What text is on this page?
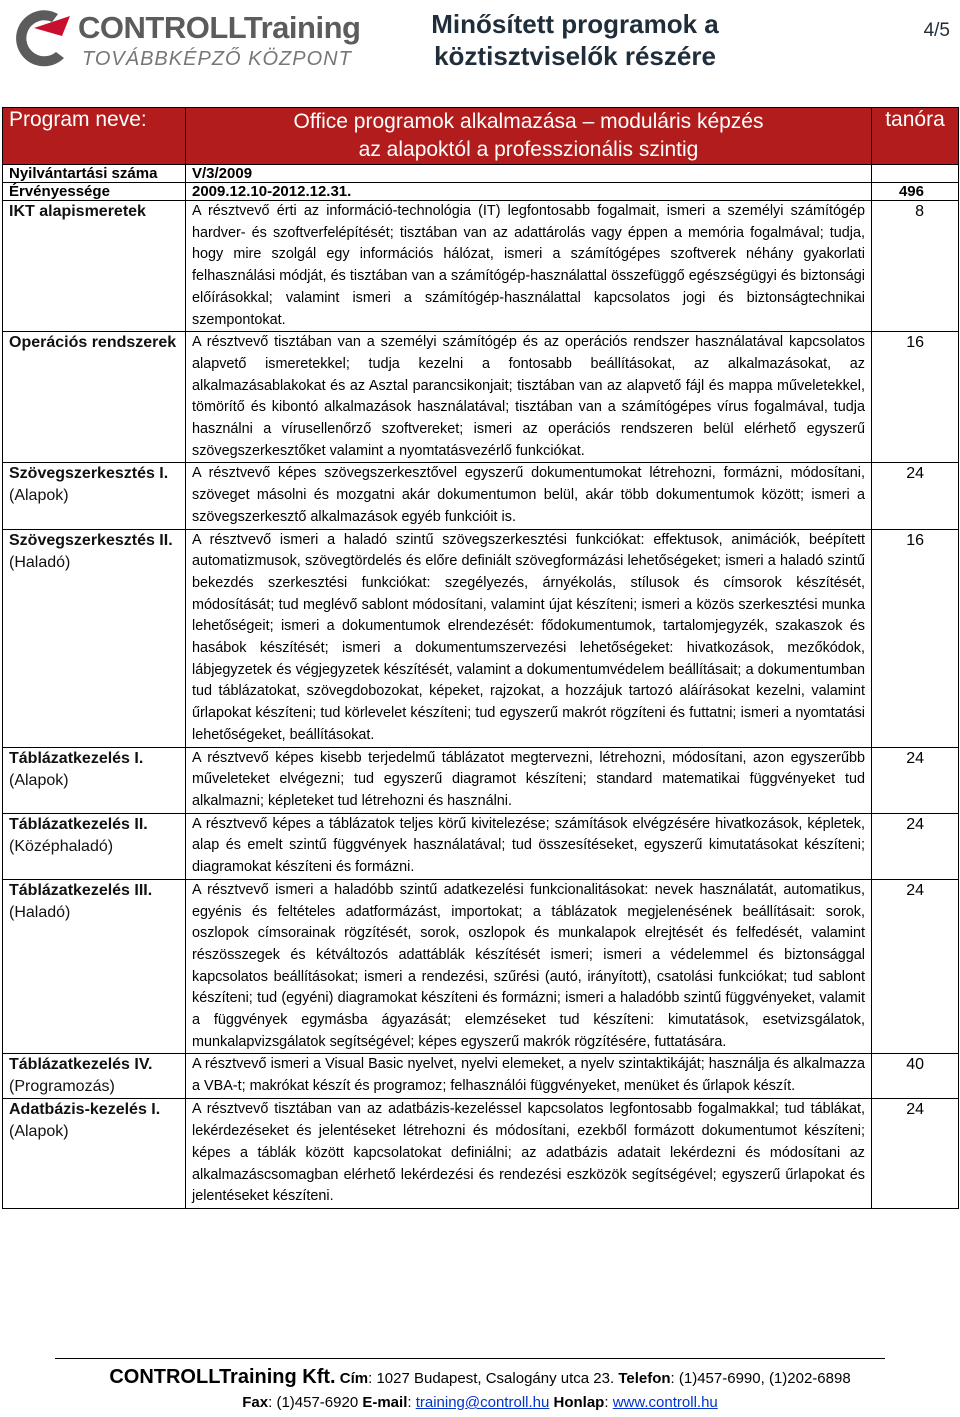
CONTROLLTraining
TOVÁBBKÉPZŐ KÖZPONT
Minősített programok a
köztisztviselők részére
4/5
Program neve:	Office programok alkalmazása – moduláris képzés
az alapoktól a professzionális szintig	tanóra
Nyilvántartási száma	V/3/2009	
Érvényessége	2009.12.10-2012.12.31.	496
IKT alapismeretek	A résztvevő érti az információ-technológia (IT) legfontosabb fogalmait, ismeri a személyi számítógép hardver- és szoftverfelépítését; tisztában van az adattárolás vagy éppen a memória fogalmával; tudja, hogy mire szolgál egy információs hálózat, ismeri a számítógépes szoftverek néhány gyakorlati felhasználási módját, és tisztában van a számítógép-használattal összefüggő egészségügyi és biztonsági előírásokkal; valamint ismeri a számítógép-használattal kapcsolatos jogi és biztonságtechnikai szempontokat.	8
Operációs rendszerek	A résztvevő tisztában van a személyi számítógép és az operációs rendszer használatával kapcsolatos alapvető ismeretekkel; tudja kezelni a fontosabb beállításokat, az alkalmazásokat, az alkalmazásablakokat és az Asztal parancsikonjait; tisztában van az alapvető fájl és mappa műveletekkel, tömörítő és kibontó alkalmazások használatával; tisztában van a számítógépes vírus fogalmával, tudja használni a vírusellenőrző szoftvereket; ismeri az operációs rendszeren belül elérhető egyszerű szövegszerkesztőket valamint a nyomtatásvezérlő funkciókat.	16
Szövegszerkesztés I.
(Alapok)	A résztvevő képes szövegszerkesztővel egyszerű dokumentumokat létrehozni, formázni, módosítani, szöveget másolni és mozgatni akár dokumentumon belül, akár több dokumentumok között; ismeri a szövegszerkesztő alkalmazások egyéb funkcióit is.	24
Szövegszerkesztés II.
(Haladó)	A résztvevő ismeri a haladó szintű szövegszerkesztési funkciókat: effektusok, animációk, beépített automatizmusok, szövegtördelés és előre definiált szövegformázási lehetőségeket; ismeri a haladó szintű bekezdés szerkesztési funkciókat: szegélyezés, árnyékolás, stílusok és címsorok készítését, módosítását; tud meglévő sablont módosítani, valamint újat készíteni; ismeri a közös szerkesztési munka lehetőségeit; ismeri a dokumentumok elrendezését: fődokumentumok, tartalomjegyzék, szakaszok és hasábok készítését; ismeri a dokumentumszervezési lehetőségeket: hivatkozások, mezőkódok, lábjegyzetek és végjegyzetek készítését, valamint a dokumentumvédelem beállításait; a dokumentumban tud táblázatokat, szövegdobozokat, képeket, rajzokat, a hozzájuk tartozó aláírásokat kezelni, valamint űrlapokat készíteni; tud körlevelet készíteni; tud egyszerű makrót rögzíteni és futtatni; ismeri a nyomtatási lehetőségeket, beállításokat.	16
Táblázatkezelés I.
(Alapok)	A résztvevő képes kisebb terjedelmű táblázatot megtervezni, létrehozni, módosítani, azon egyszerűbb műveleteket elvégezni; tud egyszerű diagramot készíteni; standard matematikai függvényeket tud alkalmazni; képleteket tud létrehozni és használni.	24
Táblázatkezelés II.
(Középhaladó)	A résztvevő képes a táblázatok teljes körű kivitelezése; számítások elvégzésére hivatkozások, képletek, alap és emelt szintű függvények használatával; tud összesítéseket, egyszerű kimutatásokat készíteni; diagramokat készíteni és formázni.	24
Táblázatkezelés III.
(Haladó)	A résztvevő ismeri a haladóbb szintű adatkezelési funkcionalitásokat: nevek használatát, automatikus, egyénis és feltételes adatformázást, importokat; a táblázatok megjelenésének beállításait: sorok, oszlopok címsorainak rögzítését, sorok, oszlopok és munkalapok elrejtését és felfedését, valamint részösszegek és kétváltozós adattáblák készítését ismeri; ismeri a védelemmel és biztonsággal kapcsolatos beállításokat; ismeri a rendezési, szűrési (autó, irányított), csatolási funkciókat; tud sablont készíteni; tud (egyéni) diagramokat készíteni és formázni; ismeri a haladóbb szintű függvényeket, valamit a függvények egymásba ágyazását; elemzéseket tud készíteni: kimutatások, esetvizsgálatok, munkalapvizsgálatok segítségével; képes egyszerű makrók rögzítésére, futtatására.	24
Táblázatkezelés IV.
(Programozás)	A résztvevő ismeri a Visual Basic nyelvet, nyelvi elemeket, a nyelv szintaktikáját; használja és alkalmazza a VBA-t; makrókat készít és programoz; felhasználói függvényeket, menüket és űrlapok készít.	40
Adatbázis-kezelés I.
(Alapok)	A résztvevő tisztában van az adatbázis-kezeléssel kapcsolatos legfontosabb fogalmakkal; tud táblákat, lekérdezéseket és jelentéseket létrehozni és módosítani, ezekből formázott dokumentumot készíteni; képes a táblák között kapcsolatokat definiálni; az adatbázis adatait lekérdezni és módosítani az alkalmazáscsomagban elérhető lekérdezési és rendezési eszközök segítségével; egyszerű űrlapokat és jelentéseket készíteni.	24
CONTROLLTraining Kft. Cím: 1027 Budapest, Csalogány utca 23. Telefon: (1)457-6990, (1)202-6898
Fax: (1)457-6920 E-mail: training@controll.hu Honlap: www.controll.hu
